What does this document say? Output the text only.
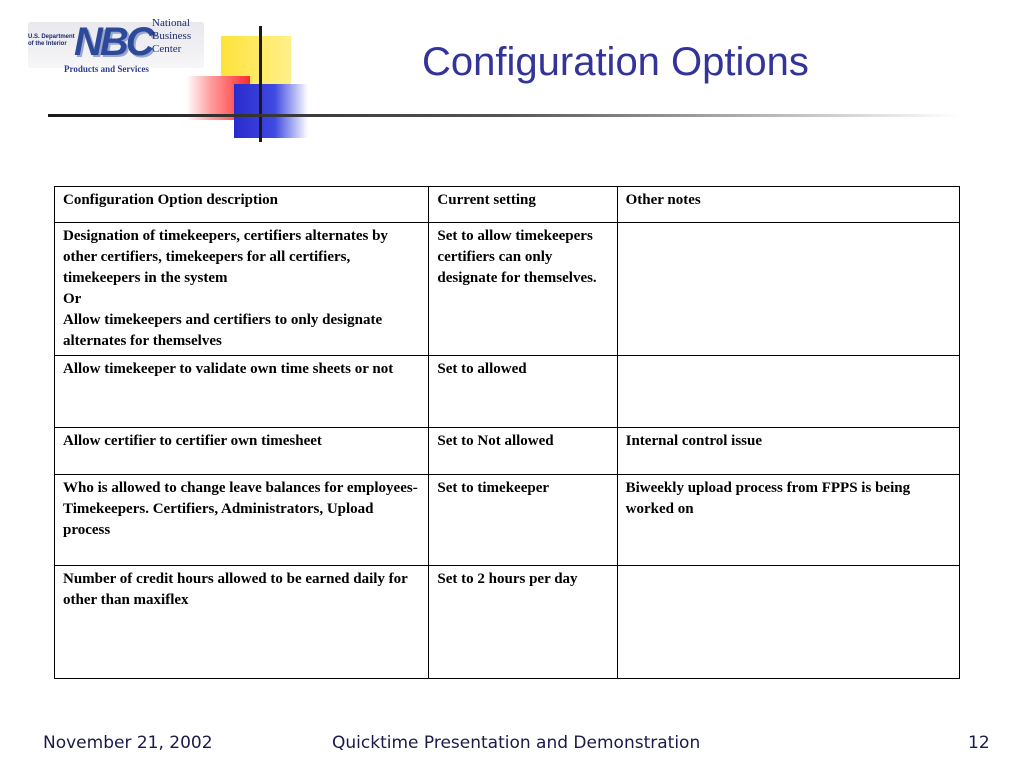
U.S. Department of the Interior NBC National
Business
Center
Products and Services	Configuration Options
Configuration Option description	Current setting	Other notes
Designation of timekeepers, certifiers alternates by other certifiers, timekeepers for all certifiers, timekeepers in the system
Or
Allow timekeepers and certifiers to only designate alternates for themselves	Set to allow timekeepers certifiers can only designate for themselves.	
Allow timekeeper to validate own time sheets or not	Set to allowed	
Allow certifier to certifier own timesheet	Set to Not allowed	Internal control issue
Who is allowed to change leave balances for employees- Timekeepers. Certifiers, Administrators, Upload process	Set to timekeeper	Biweekly upload process from FPPS is being worked on
Number of credit hours allowed to be earned daily for other than maxiflex	Set to 2 hours per day	
November 21, 2002	Quicktime Presentation and Demonstration	12
